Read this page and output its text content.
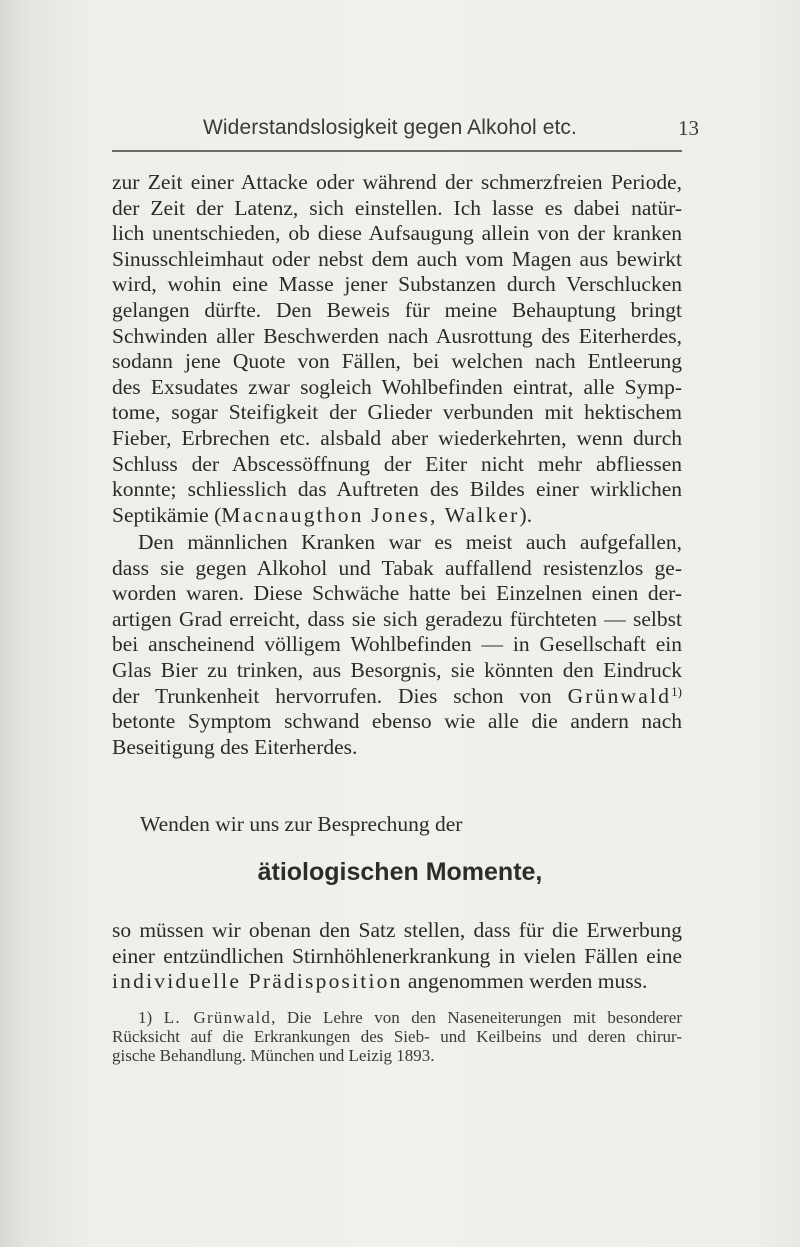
Widerstandslosigkeit gegen Alkohol etc.	13
zur Zeit einer Attacke oder während der schmerzfreien Periode,
der Zeit der Latenz, sich einstellen. Ich lasse es dabei natür-
lich unentschieden, ob diese Aufsaugung allein von der kranken
Sinusschleimhaut oder nebst dem auch vom Magen aus bewirkt
wird, wohin eine Masse jener Substanzen durch Verschlucken
gelangen dürfte. Den Beweis für meine Behauptung bringt
Schwinden aller Beschwerden nach Ausrottung des Eiterherdes,
sodann jene Quote von Fällen, bei welchen nach Entleerung
des Exsudates zwar sogleich Wohlbefinden eintrat, alle Symp-
tome, sogar Steifigkeit der Glieder verbunden mit hektischem
Fieber, Erbrechen etc. alsbald aber wiederkehrten, wenn durch
Schluss der Abscessöffnung der Eiter nicht mehr abfliessen
konnte; schliesslich das Auftreten des Bildes einer wirklichen
Septikämie (Macnaugthon Jones, Walker).
Den männlichen Kranken war es meist auch aufgefallen,
dass sie gegen Alkohol und Tabak auffallend resistenzlos ge-
worden waren. Diese Schwäche hatte bei Einzelnen einen der-
artigen Grad erreicht, dass sie sich geradezu fürchteten — selbst
bei anscheinend völligem Wohlbefinden — in Gesellschaft ein
Glas Bier zu trinken, aus Besorgnis, sie könnten den Eindruck
der Trunkenheit hervorrufen. Dies schon von Grünwald$^{1)}$
betonte Symptom schwand ebenso wie alle die andern nach
Beseitigung des Eiterherdes.
Wenden wir uns zur Besprechung der
ätiologischen Momente,
so müssen wir obenan den Satz stellen, dass für die Erwerbung
einer entzündlichen Stirnhöhlenerkrankung in vielen Fällen eine
individuelle Prädisposition angenommen werden muss.
1) L. Grünwald, Die Lehre von den Naseneiterungen mit besonderer
Rücksicht auf die Erkrankungen des Sieb- und Keilbeins und deren chirur-
gische Behandlung. München und Leizig 1893.
